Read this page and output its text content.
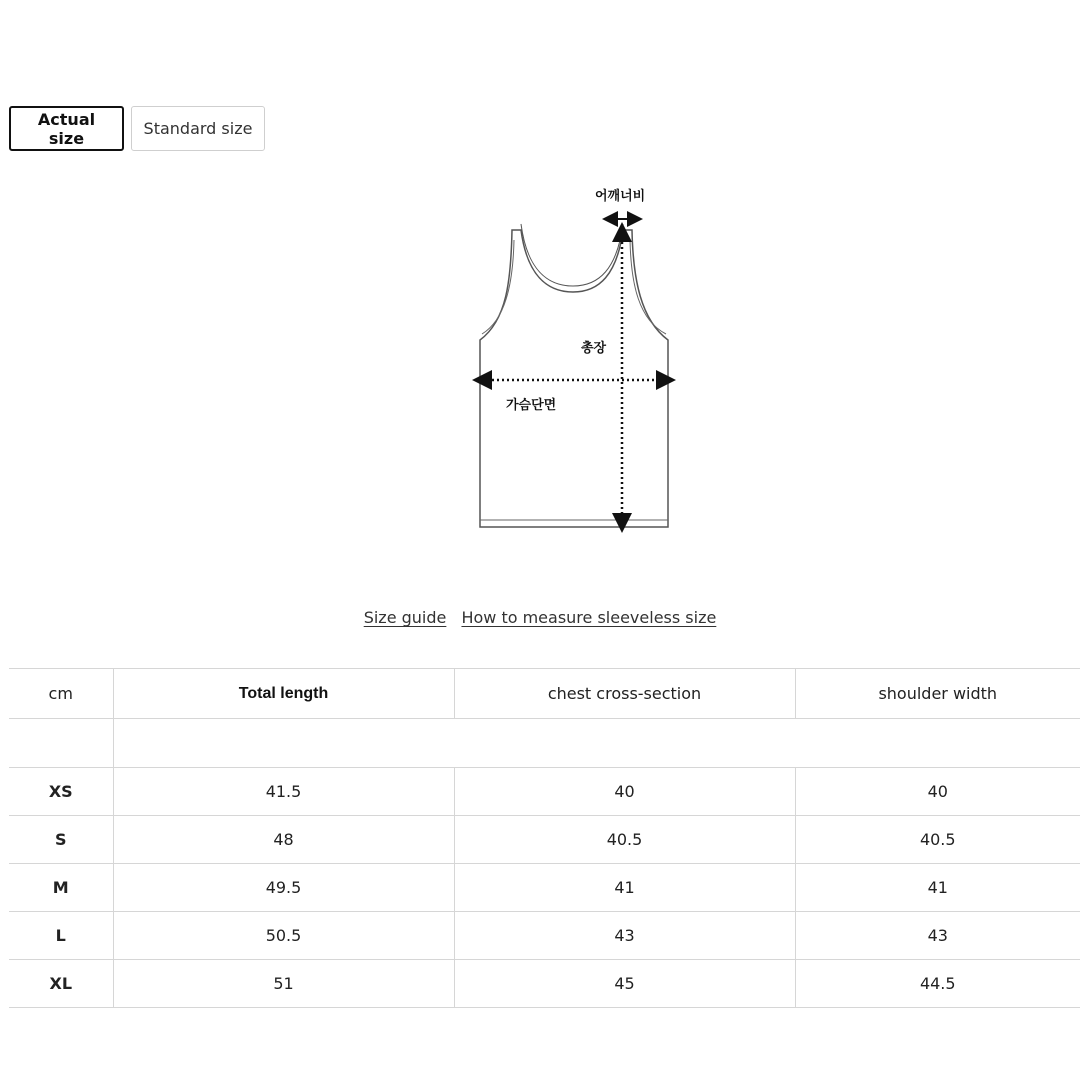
Actual size	Standard size
어깨너비
총장
가슴단면
Size guide How to measure sleeveless size
cm	Total length	chest cross-section	shoulder width

XS	41.5	40	40
S	48	40.5	40.5
M	49.5	41	41
L	50.5	43	43
XL	51	45	44.5
